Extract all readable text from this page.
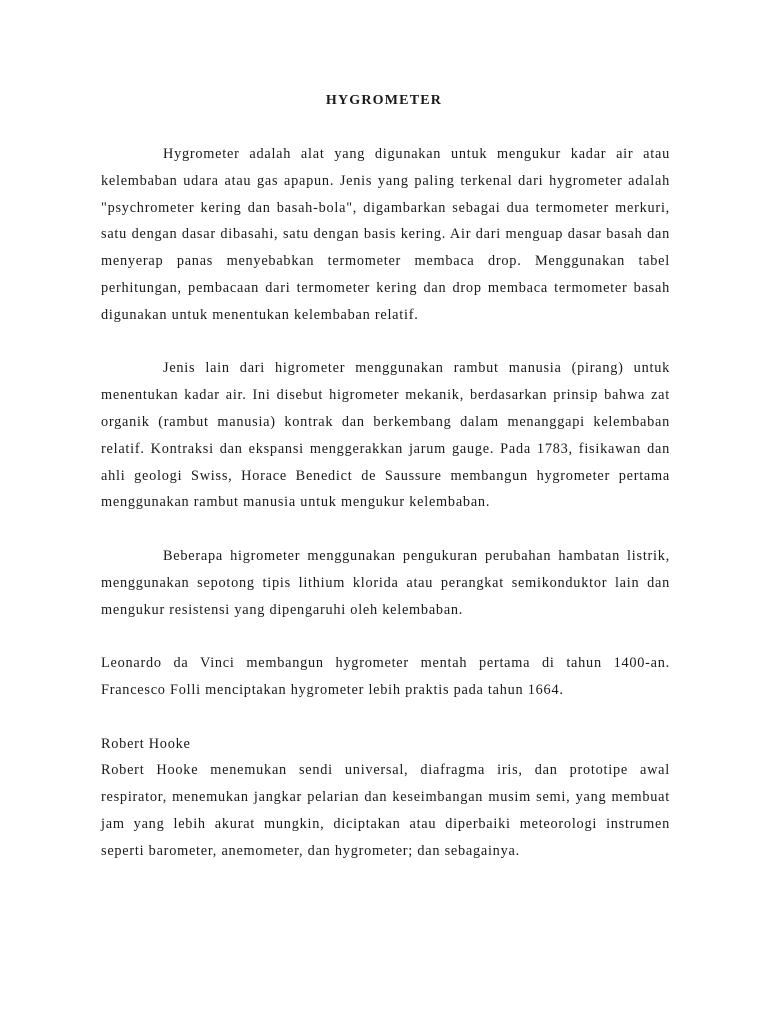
HYGROMETER

Hygrometer adalah alat yang digunakan untuk mengukur kadar air atau kelembaban udara atau gas apapun. Jenis yang paling terkenal dari hygrometer adalah "psychrometer kering dan basah-bola", digambarkan sebagai dua termometer merkuri, satu dengan dasar dibasahi, satu dengan basis kering. Air dari menguap dasar basah dan menyerap panas menyebabkan termometer membaca drop. Menggunakan tabel perhitungan, pembacaan dari termometer kering dan drop membaca termometer basah digunakan untuk menentukan kelembaban relatif.

Jenis lain dari higrometer menggunakan rambut manusia (pirang) untuk menentukan kadar air. Ini disebut higrometer mekanik, berdasarkan prinsip bahwa zat organik (rambut manusia) kontrak dan berkembang dalam menanggapi kelembaban relatif. Kontraksi dan ekspansi menggerakkan jarum gauge. Pada 1783, fisikawan dan ahli geologi Swiss, Horace Benedict de Saussure membangun hygrometer pertama menggunakan rambut manusia untuk mengukur kelembaban.

Beberapa higrometer menggunakan pengukuran perubahan hambatan listrik, menggunakan sepotong tipis lithium klorida atau perangkat semikonduktor lain dan mengukur resistensi yang dipengaruhi oleh kelembaban.

Leonardo da Vinci membangun hygrometer mentah pertama di tahun 1400-an. Francesco Folli menciptakan hygrometer lebih praktis pada tahun 1664.

Robert Hooke

Robert Hooke menemukan sendi universal, diafragma iris, dan prototipe awal respirator, menemukan jangkar pelarian dan keseimbangan musim semi, yang membuat jam yang lebih akurat mungkin, diciptakan atau diperbaiki meteorologi instrumen seperti barometer, anemometer, dan hygrometer; dan sebagainya.
